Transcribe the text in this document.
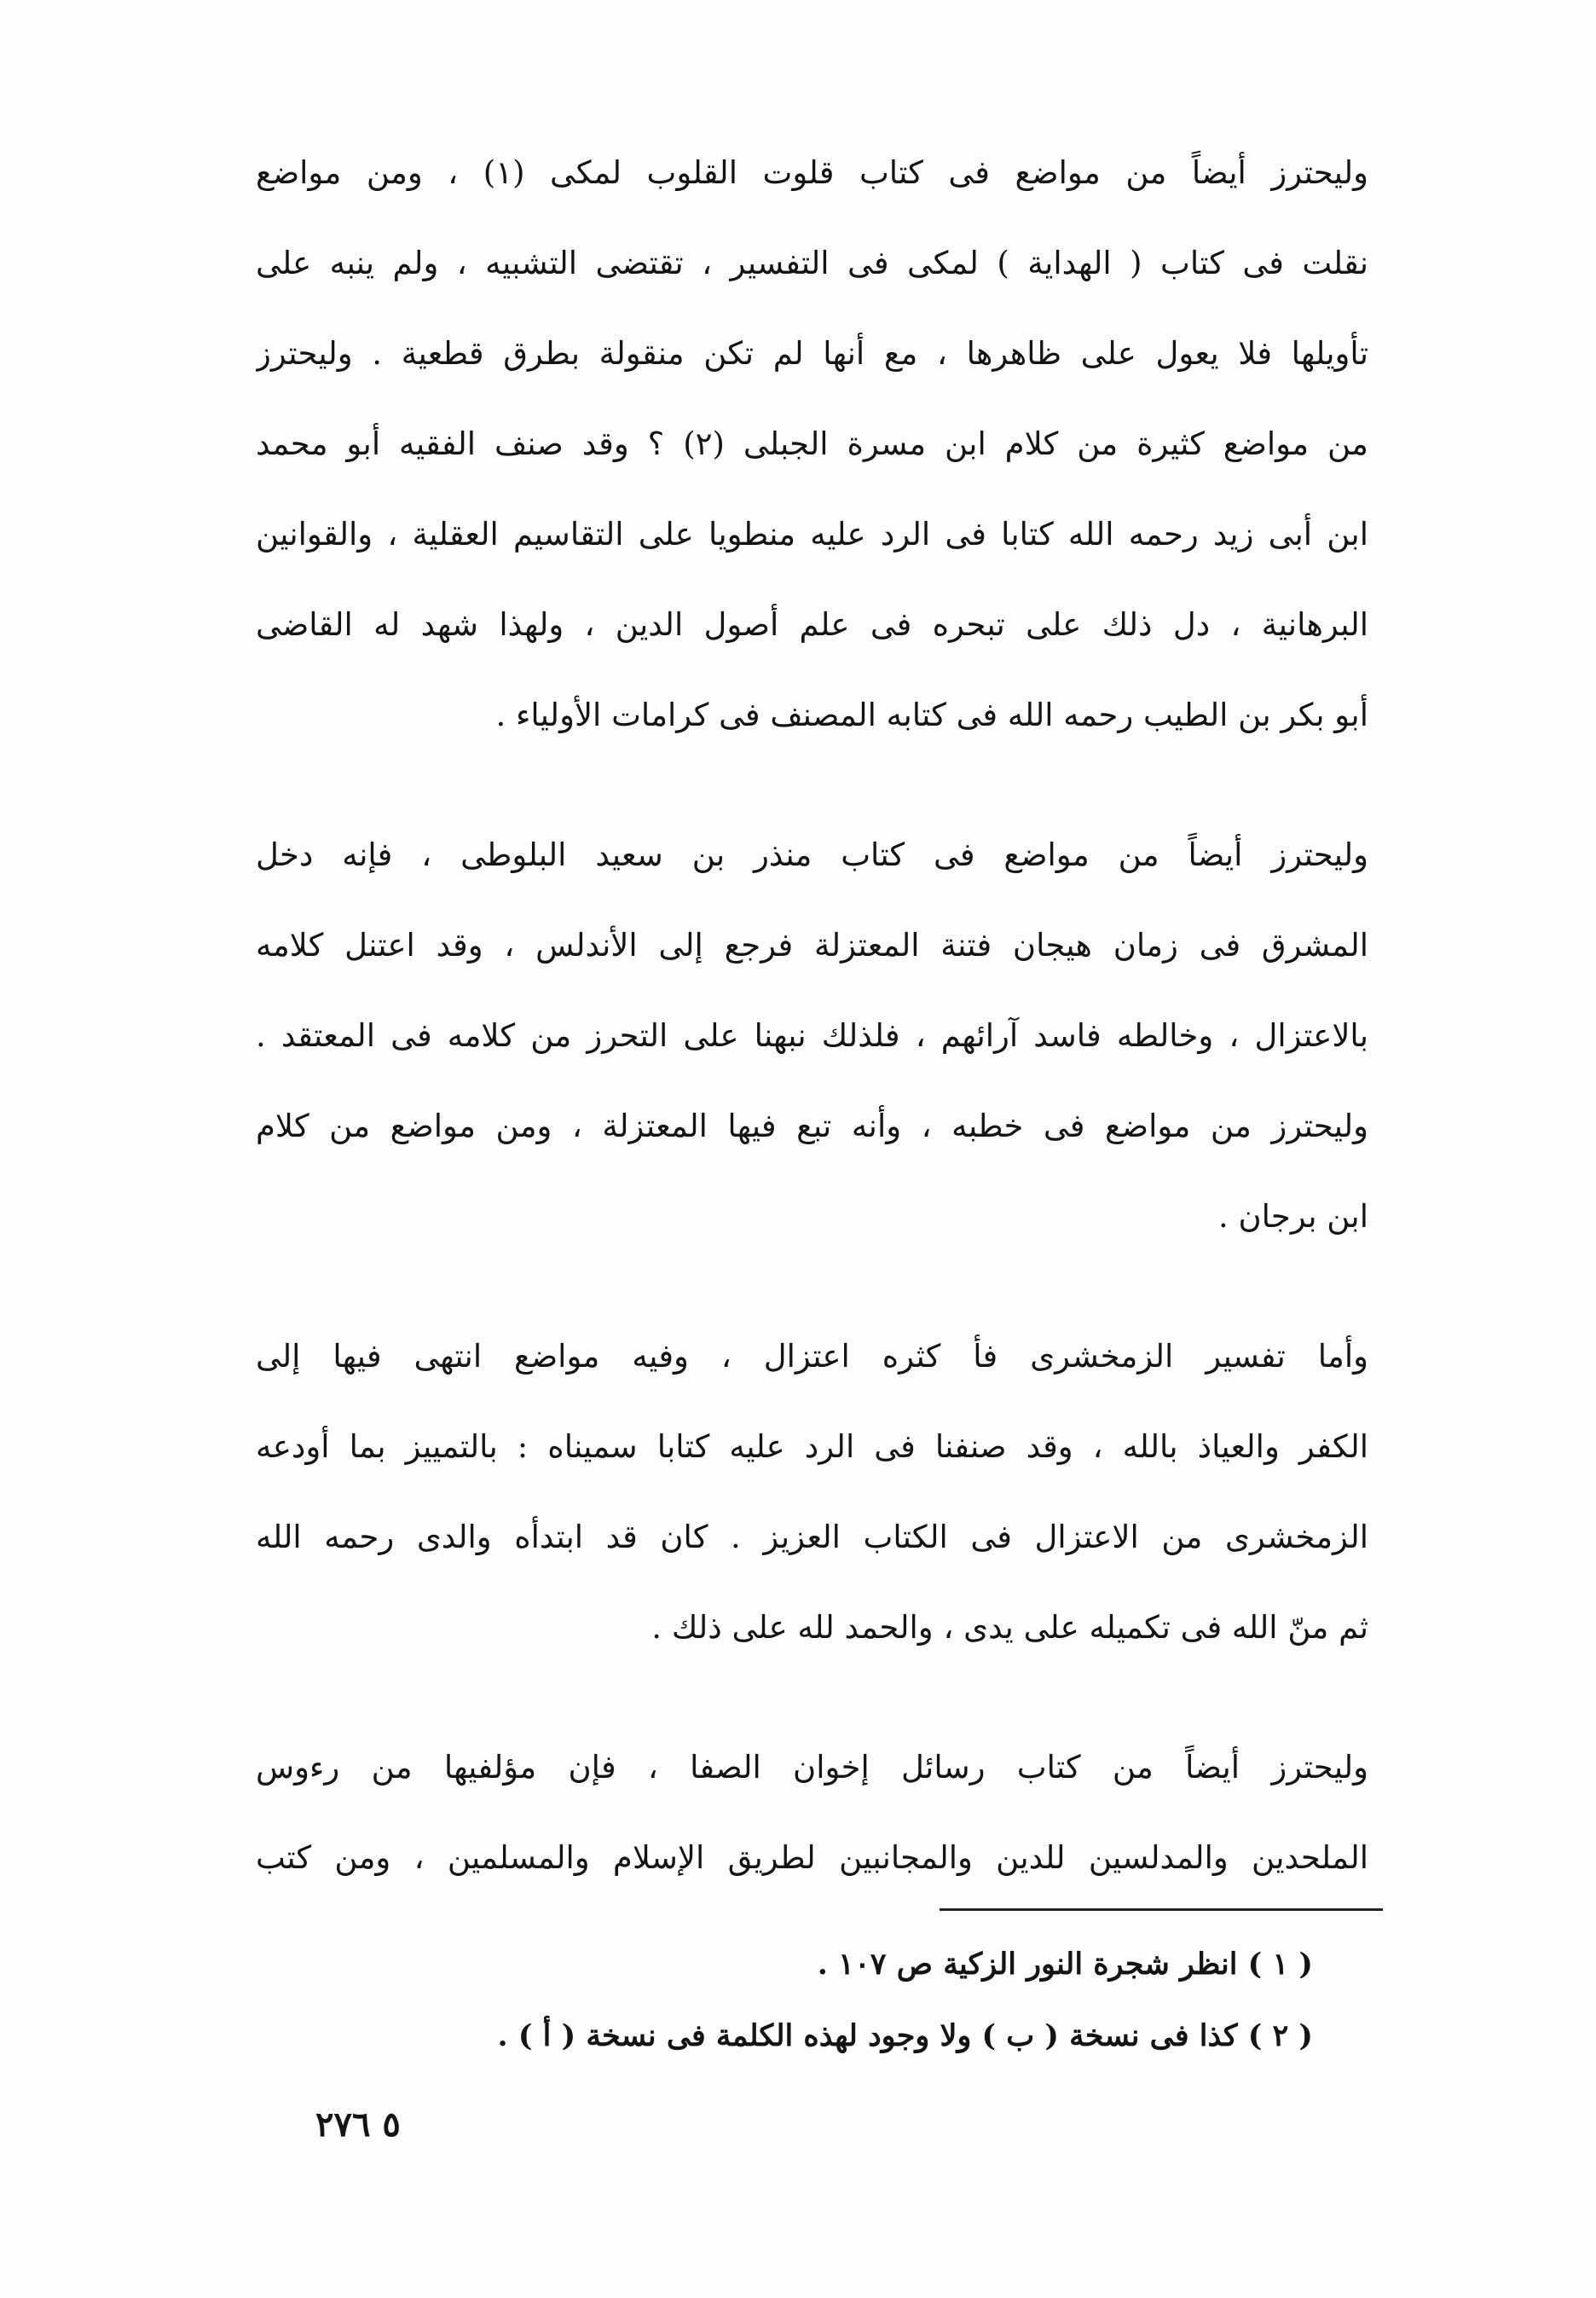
وليحترز أيضاً من مواضع فى كتاب قلوت القلوب لمكى (١) ، ومن مواضع
نقلت فى كتاب ( الهداية ) لمكى فى التفسير ، تقتضى التشبيه ، ولم ينبه على
تأويلها فلا يعول على ظاهرها ، مع أنها لم تكن منقولة بطرق قطعية . وليحترز
من مواضع كثيرة من كلام ابن مسرة الجبلى (٢) ؟ وقد صنف الفقيه أبو محمد
ابن أبى زيد رحمه الله كتابا فى الرد عليه منطويا على التقاسيم العقلية ، والقوانين
البرهانية ، دل ذلك على تبحره فى علم أصول الدين ، ولهذا شهد له القاضى
أبو بكر بن الطيب رحمه الله فى كتابه المصنف فى كرامات الأولياء .
وليحترز أيضاً من مواضع فى كتاب منذر بن سعيد البلوطى ، فإنه دخل
المشرق فى زمان هيجان فتنة المعتزلة فرجع إلى الأندلس ، وقد اعتنل كلامه
بالاعتزال ، وخالطه فاسد آرائهم ، فلذلك نبهنا على التحرز من كلامه فى المعتقد .
وليحترز من مواضع فى خطبه ، وأنه تبع فيها المعتزلة ، ومن مواضع من كلام
ابن برجان .
وأما تفسير الزمخشرى فأ كثره اعتزال ، وفيه مواضع انتهى فيها إلى
الكفر والعياذ بالله ، وقد صنفنا فى الرد عليه كتابا سميناه : بالتمييز بما أودعه
الزمخشرى من الاعتزال فى الكتاب العزيز . كان قد ابتدأه والدى رحمه الله
ثم منّ الله فى تكميله على يدى ، والحمد لله على ذلك .
وليحترز أيضاً من كتاب رسائل إخوان الصفا ، فإن مؤلفيها من رءوس
الملحدين والمدلسين للدين والمجانبين لطريق الإسلام والمسلمين ، ومن كتب
( ١ ) انظر شجرة النور الزكية ص ١٠٧ .
( ٢ ) كذا فى نسخة ( ب ) ولا وجود لهذه الكلمة فى نسخة ( أ ) .
٥ ٢٧٦
